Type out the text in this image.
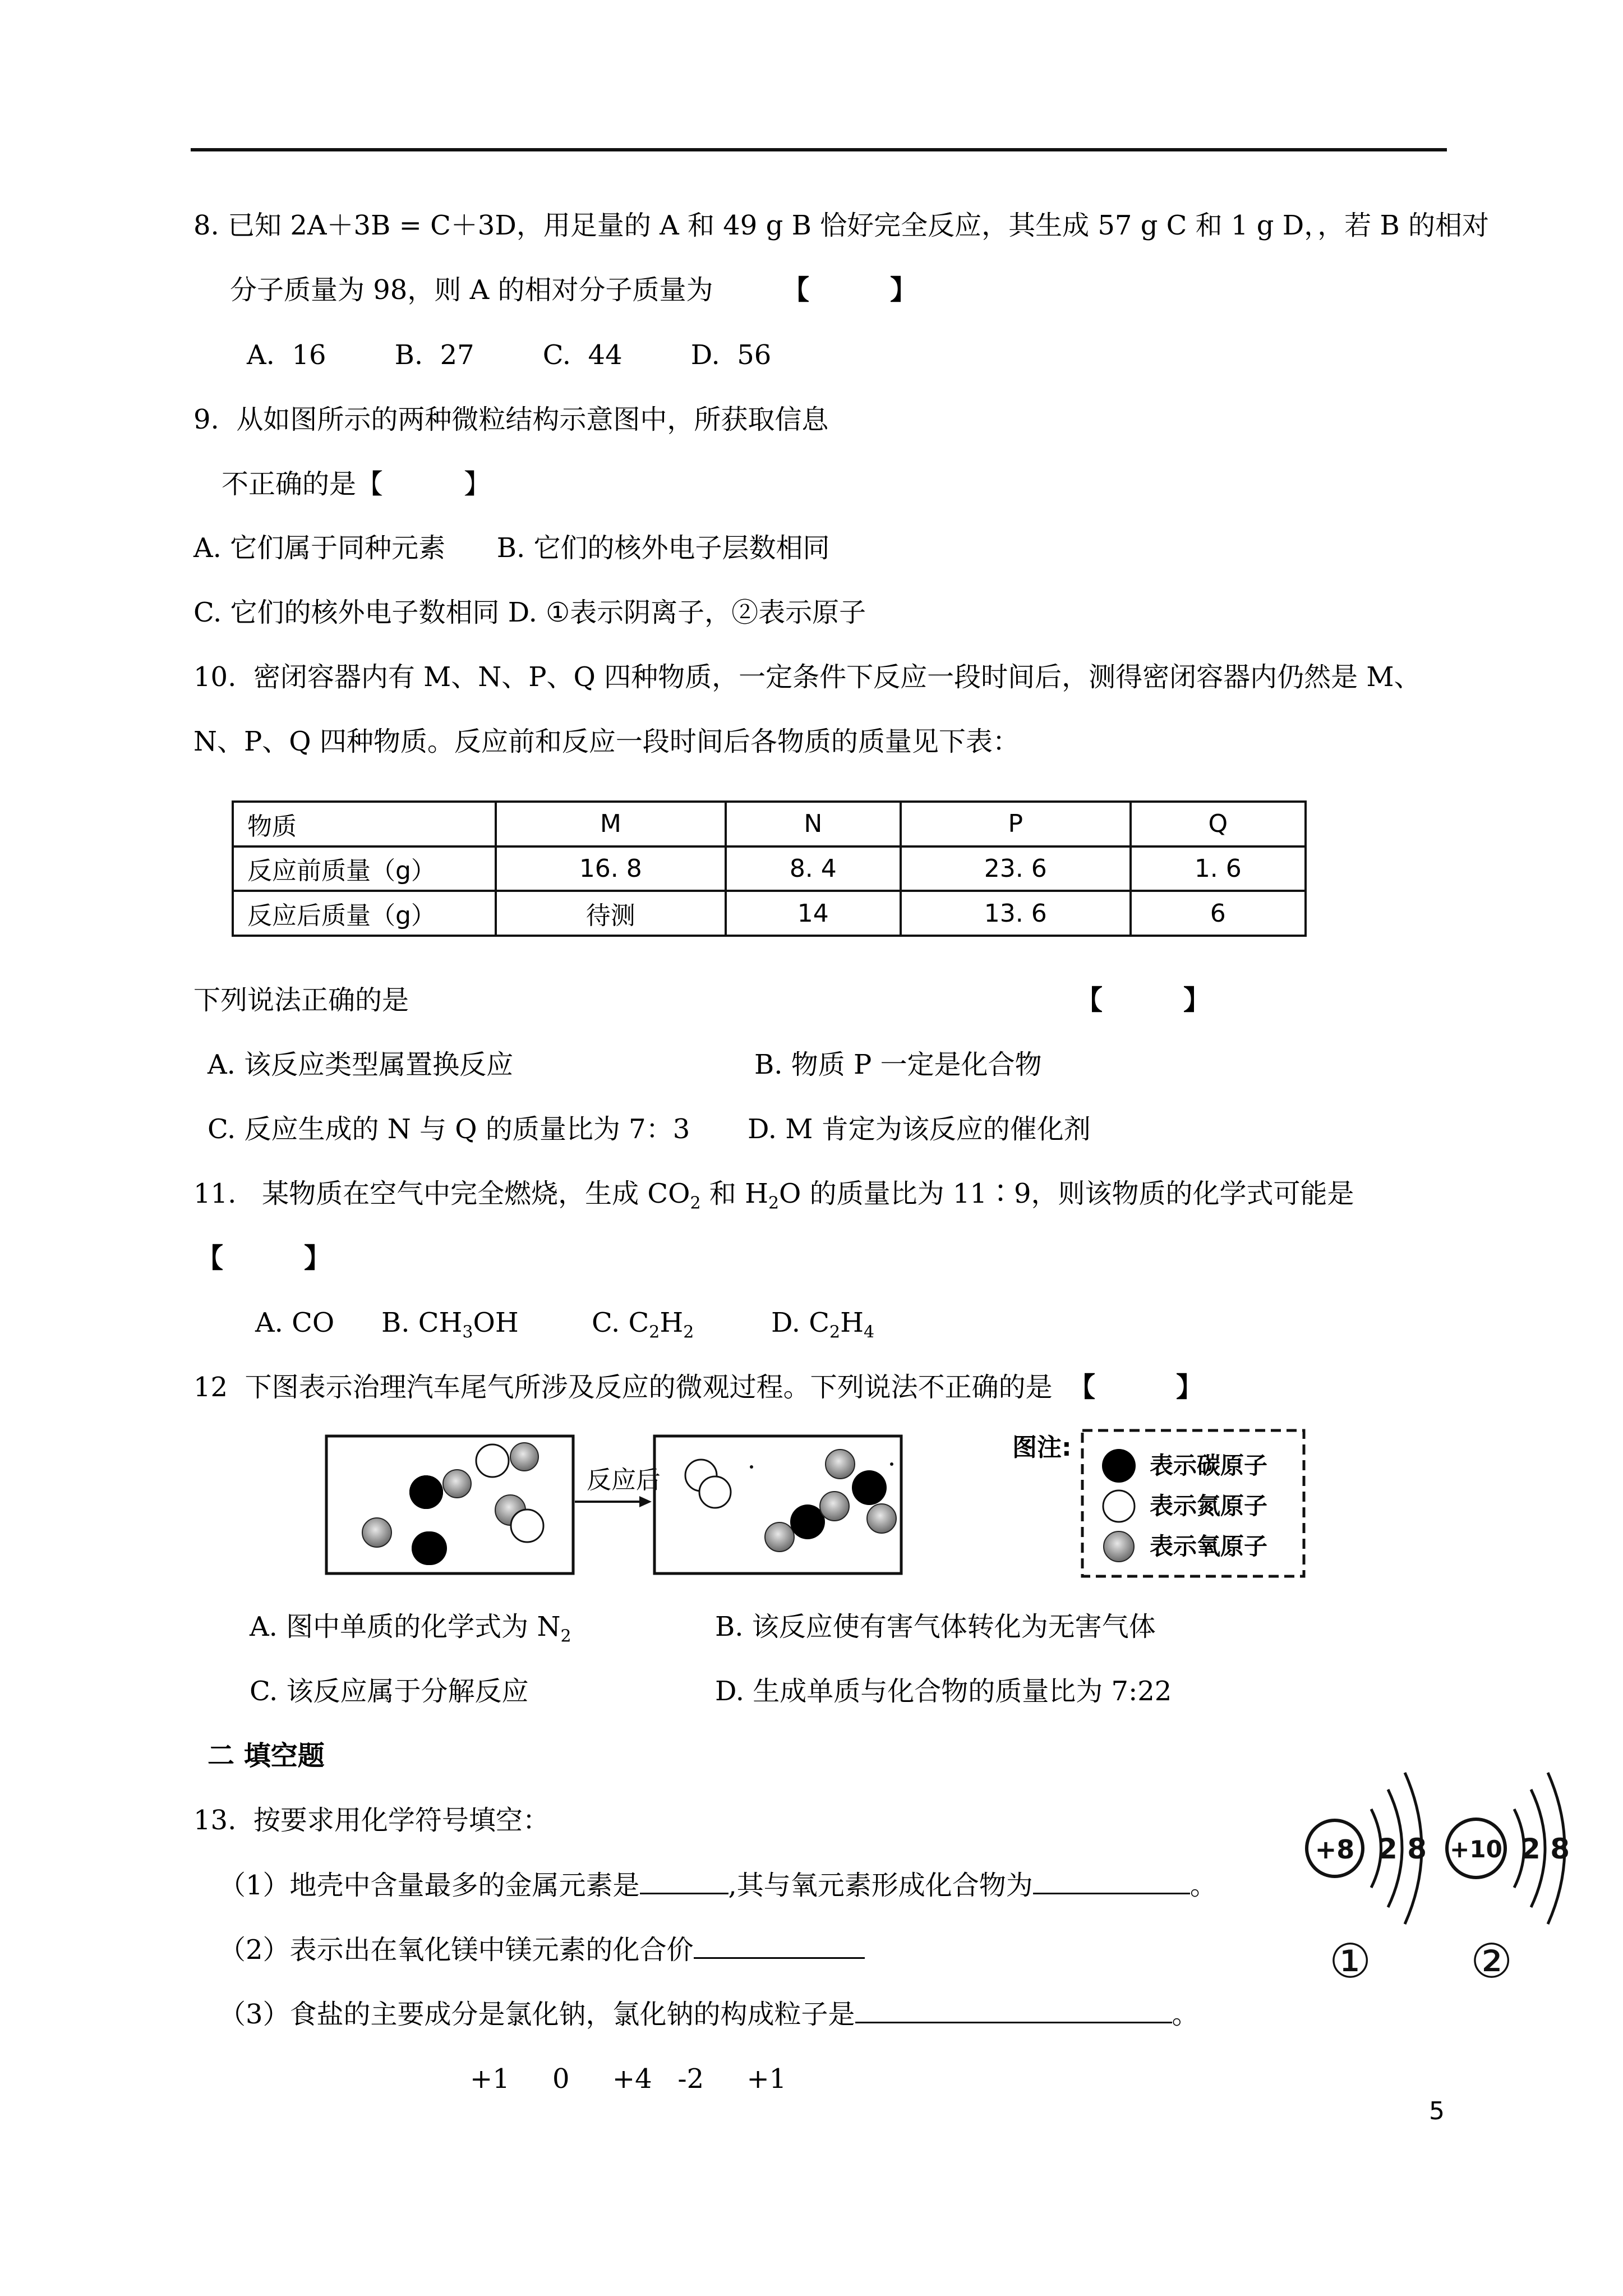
8. 已知 2A＋3B = C＋3D，用足量的 A 和 49 g B 恰好完全反应，其生成 57 g C 和 1 g D，，若 B 的相对
分子质量为 98，则 A 的相对分子质量为	【　　　】
A.  16        B.  27        C.  44        D.  56
9.  从如图所示的两种微粒结构示意图中，所获取信息
不正确的是【　　　】
A. 它们属于同种元素      B. 它们的核外电子层数相同
C. 它们的核外电子数相同 D. ①表示阴离子，②表示原子
10.  密闭容器内有 M、N、P、Q 四种物质，一定条件下反应一段时间后，测得密闭容器内仍然是 M、
N、P、Q 四种物质。反应前和反应一段时间后各物质的质量见下表：
物质	M	N	P	Q
反应前质量（g）	16. 8	8. 4	23. 6	1. 6
反应后质量（g）	待测	14	13. 6	6
下列说法正确的是	【　　　】
A. 该反应类型属置换反应	B. 物质 P 一定是化合物
C. 反应生成的 N 与 Q 的质量比为 7：3 D. M 肯定为该反应的催化剂
11.   某物质在空气中完全燃烧，生成 $CO_2$ 和 $H_2O$ 的质量比为 11∶9，则该物质的化学式可能是
【　　　】
A. CO B. $CH_3OH$	C. $C_2H_2$	D. $C_2H_4$
12  下图表示治理汽车尾气所涉及反应的微观过程。下列说法不正确的是 【　　　】
反应后
图注:
表示碳原子
表示氮原子
表示氧原子
A. 图中单质的化学式为 $N_2$	B. 该反应使有害气体转化为无害气体
C. 该反应属于分解反应	D. 生成单质与化合物的质量比为 7:22
二 填空题
13.  按要求用化学符号填空：
（1）地壳中含量最多的金属元素是	,其与氧元素形成化合物为	。
（2）表示出在氧化镁中镁元素的化合价
（3）食盐的主要成分是氯化钠，氯化钠的构成粒子是	。
+1     0     +4   -2     +1
+8 2 8
①
+10 2 8
②
5
